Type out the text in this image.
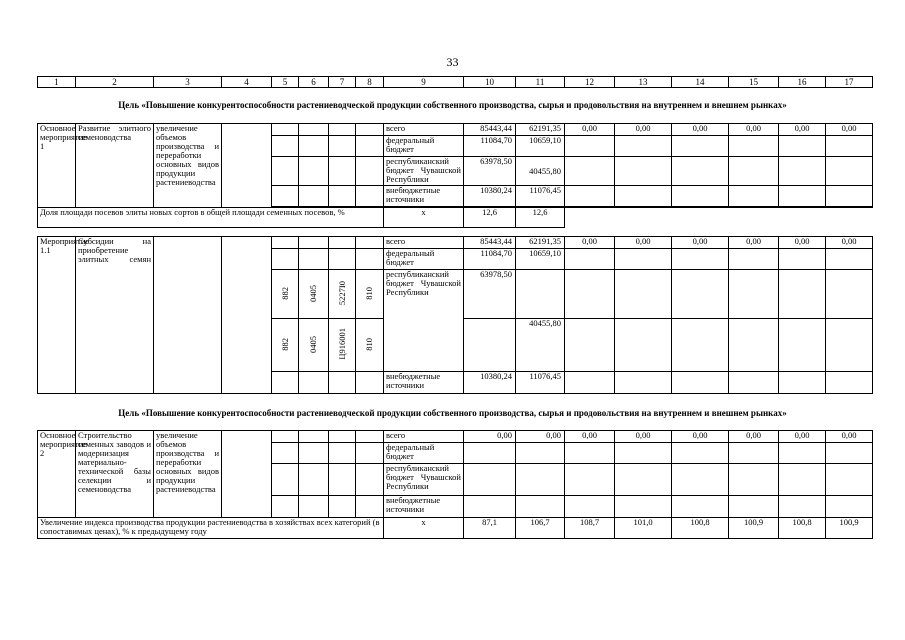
33
1	2	3	4	5	6	7	8	9	10	11	12	13	14	15	16	17
Цель «Повышение конкурентоспособности растениеводческой продукции собственного производства, сырья и продовольствия на внутреннем и внешнем рынках»
Основное мероприятие 1	Развитие элитного семеноводства	увеличение объемов производства и переработки основных видов продукции растениеводства						всего	85443,44	62191,35	0,00	0,00	0,00	0,00	0,00	0,00
								федеральный бюджет	11084,70	10659,10						
								республиканский бюджет Чувашской Республики	63978,50	40455,80						
								внебюджетные источники	10380,24	11076,45						

Доля площади посевов элиты новых сортов в общей площади семенных посевов, %								х	12,6	12,6						
Мероприятие 1.1	Субсидии на приобретение элитных семян							всего	85443,44	62191,35	0,00	0,00	0,00	0,00	0,00	0,00
								федеральный бюджет	11084,70	10659,10						
				882	0405	5227I0	810	республиканский бюджет Чувашской Республики	63978,50							
				882	0405	Ц916001	810			40455,80						
								внебюджетные источники	10380,24	11076,45						
Цель «Повышение конкурентоспособности растениеводческой продукции собственного производства, сырья и продовольствия на внутреннем и внешнем рынках»
Основное мероприятие 2	Строительство семенных заводов и модернизация материально-технической базы селекции и семеноводства	увеличение объемов производства и переработки основных видов продукции растениеводства						всего	0,00	0,00	0,00	0,00	0,00	0,00	0,00	0,00
								федеральный бюджет								
								республиканский бюджет Чувашской Республики								
								внебюджетные источники								
Увеличение индекса производства продукции растениеводства в хозяйствах всех категорий (в сопоставимых ценах), % к предыдущему году								х	87,1	106,7	108,7	101,0	100,8	100,9	100,8	100,9
